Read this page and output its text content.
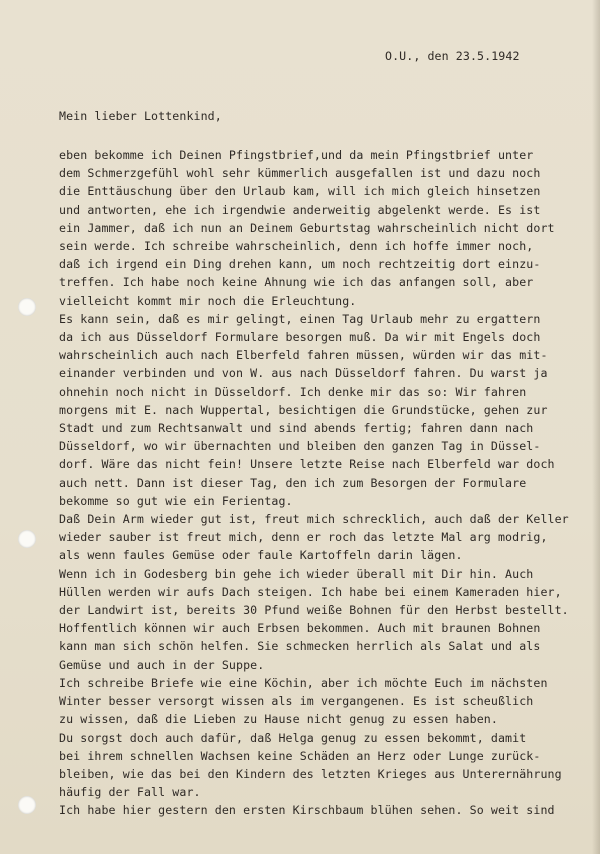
O.U., den 23.5.1942
Mein lieber Lottenkind,
eben bekomme ich Deinen Pfingstbrief,und da mein Pfingstbrief unter
dem Schmerzgefühl wohl sehr kümmerlich ausgefallen ist und dazu noch
die Enttäuschung über den Urlaub kam, will ich mich gleich hinsetzen
und antworten, ehe ich irgendwie anderweitig abgelenkt werde. Es ist
ein Jammer, daß ich nun an Deinem Geburtstag wahrscheinlich nicht dort
sein werde. Ich schreibe wahrscheinlich, denn ich hoffe immer noch,
daß ich irgend ein Ding drehen kann, um noch rechtzeitig dort einzu-
treffen. Ich habe noch keine Ahnung wie ich das anfangen soll, aber
vielleicht kommt mir noch die Erleuchtung.
Es kann sein, daß es mir gelingt, einen Tag Urlaub mehr zu ergattern
da ich aus Düsseldorf Formulare besorgen muß. Da wir mit Engels doch
wahrscheinlich auch nach Elberfeld fahren müssen, würden wir das mit-
einander verbinden und von W. aus nach Düsseldorf fahren. Du warst ja
ohnehin noch nicht in Düsseldorf. Ich denke mir das so: Wir fahren
morgens mit E. nach Wuppertal, besichtigen die Grundstücke, gehen zur
Stadt und zum Rechtsanwalt und sind abends fertig; fahren dann nach
Düsseldorf, wo wir übernachten und bleiben den ganzen Tag in Düssel-
dorf. Wäre das nicht fein! Unsere letzte Reise nach Elberfeld war doch
auch nett. Dann ist dieser Tag, den ich zum Besorgen der Formulare
bekomme so gut wie ein Ferientag.
Daß Dein Arm wieder gut ist, freut mich schrecklich, auch daß der Keller
wieder sauber ist freut mich, denn er roch das letzte Mal arg modrig,
als wenn faules Gemüse oder faule Kartoffeln darin lägen.
Wenn ich in Godesberg bin gehe ich wieder überall mit Dir hin. Auch
Hüllen werden wir aufs Dach steigen. Ich habe bei einem Kameraden hier,
der Landwirt ist, bereits 30 Pfund weiße Bohnen für den Herbst bestellt.
Hoffentlich können wir auch Erbsen bekommen. Auch mit braunen Bohnen
kann man sich schön helfen. Sie schmecken herrlich als Salat und als
Gemüse und auch in der Suppe.
Ich schreibe Briefe wie eine Köchin, aber ich möchte Euch im nächsten
Winter besser versorgt wissen als im vergangenen. Es ist scheußlich
zu wissen, daß die Lieben zu Hause nicht genug zu essen haben.
Du sorgst doch auch dafür, daß Helga genug zu essen bekommt, damit
bei ihrem schnellen Wachsen keine Schäden an Herz oder Lunge zurück-
bleiben, wie das bei den Kindern des letzten Krieges aus Unterernährung
häufig der Fall war.
Ich habe hier gestern den ersten Kirschbaum blühen sehen. So weit sind
